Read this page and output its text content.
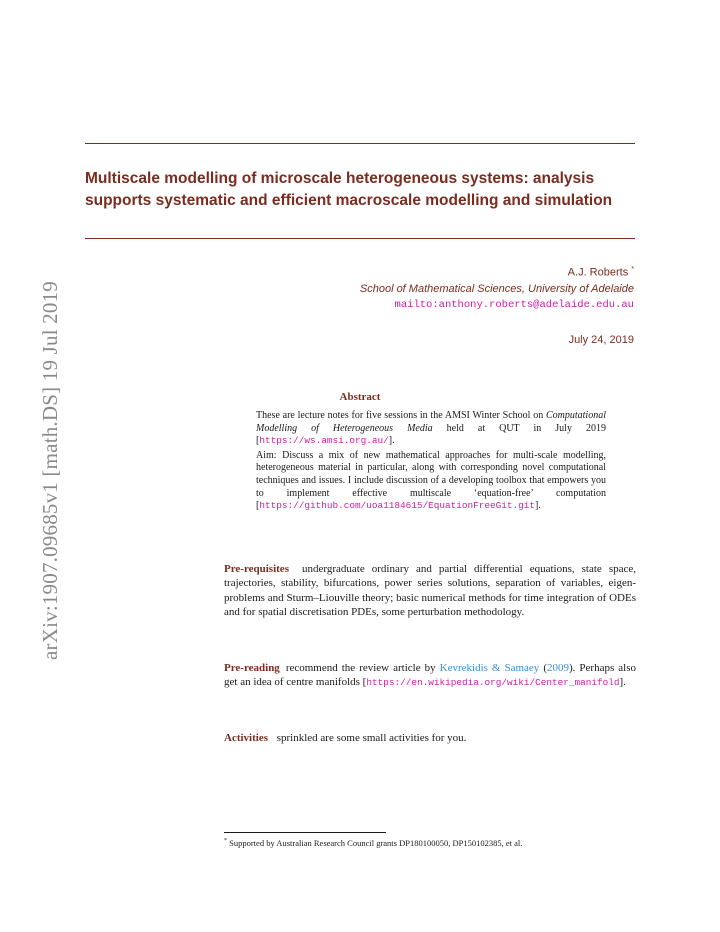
arXiv:1907.09685v1 [math.DS] 19 Jul 2019
Multiscale modelling of microscale heterogeneous systems: analysis
supports systematic and efficient macroscale modelling and simulation
A.J. Roberts *
School of Mathematical Sciences, University of Adelaide
mailto:anthony.roberts@adelaide.edu.au
July 24, 2019
Abstract

These are lecture notes for five sessions in the AMSI Winter School on Computational Modelling of Heterogeneous Media held at QUT in July 2019 [https://ws.amsi.org.au/].

Aim: Discuss a mix of new mathematical approaches for multi-scale modelling, heterogeneous material in particular, along with corresponding novel computational techniques and issues. I include discussion of a developing toolbox that empowers you to implement effective multiscale ‘equation-free’ computation [https://github.com/uoa1184615/EquationFreeGit.git].

Pre-requisites undergraduate ordinary and partial differential equations, state space, trajectories, stability, bifurcations, power series solutions, separation of variables, eigen-problems and Sturm–Liouville theory; basic numerical methods for time integration of ODEs and for spatial discretisation PDEs, some perturbation methodology.
Pre-reading recommend the review article by Kevrekidis & Samaey (2009). Perhaps also get an idea of centre manifolds [https://en.wikipedia.org/wiki/Center_manifold].
Activities sprinkled are some small activities for you.
* Supported by Australian Research Council grants DP180100050, DP150102385, et al.
